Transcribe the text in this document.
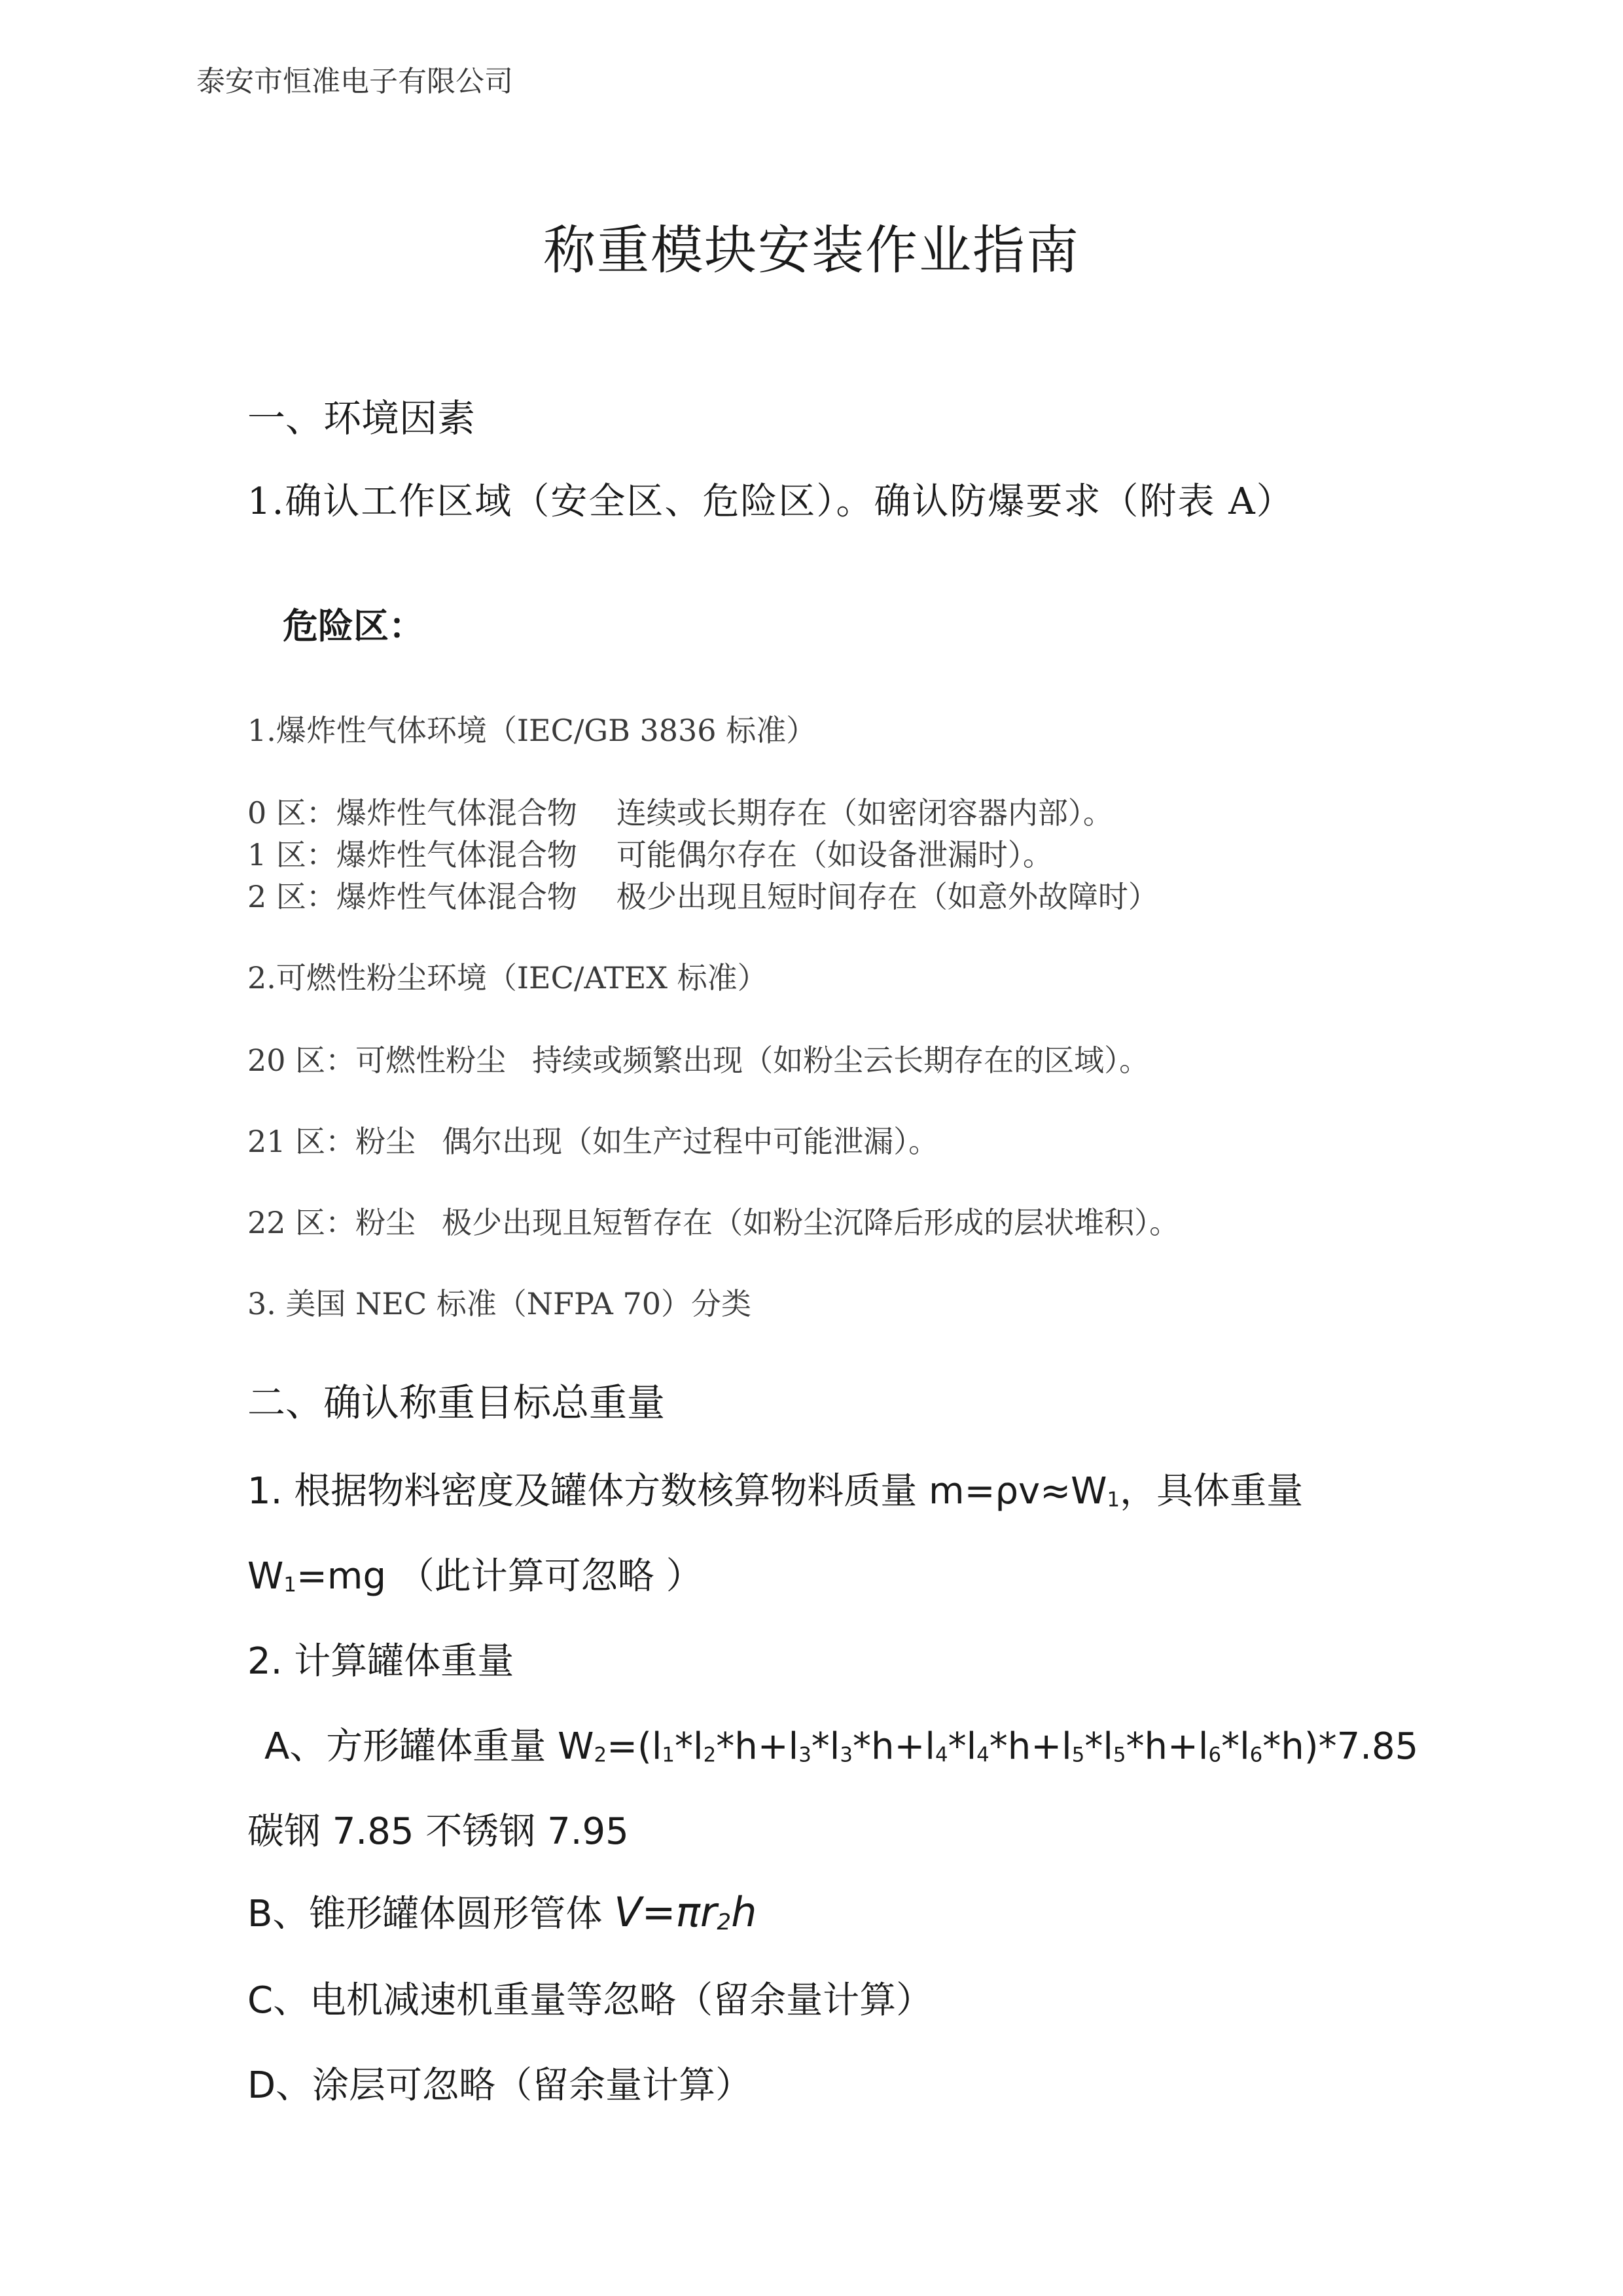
泰安市恒准电子有限公司
称重模块安装作业指南
一、环境因素
1.确认工作区域（安全区、危险区）。确认防爆要求（附表 A）
危险区：
1.爆炸性气体环境（IEC/GB 3836 标准）
0 区：爆炸性气体混合物 连续或长期存在（如密闭容器内部）。
1 区：爆炸性气体混合物 可能偶尔存在（如设备泄漏时）。
2 区：爆炸性气体混合物 极少出现且短时间存在（如意外故障时）
2.可燃性粉尘环境（IEC/ATEX 标准）
20 区：可燃性粉尘 持续或频繁出现（如粉尘云长期存在的区域）。
21 区：粉尘 偶尔出现（如生产过程中可能泄漏）。
22 区：粉尘 极少出现且短暂存在（如粉尘沉降后形成的层状堆积）。
3. 美国 NEC 标准（NFPA 70）分类
二、确认称重目标总重量
1. 根据物料密度及罐体方数核算物料质量 $m=\rho v\approx W_1$，具体重量
$W_1=mg$ （此计算可忽略 ）
2. 计算罐体重量
A、方形罐体重量 $W_2=(l_1*l_2*h+l_3*l_3*h+l_4*l_4*h+l_5*l_5*h+l_6*l_6*h)*7.85$
碳钢 7.85 不锈钢 7.95
B、锥形罐体圆形管体 $V=\pi r_2h$
C、电机减速机重量等忽略（留余量计算）
D、涂层可忽略（留余量计算）
